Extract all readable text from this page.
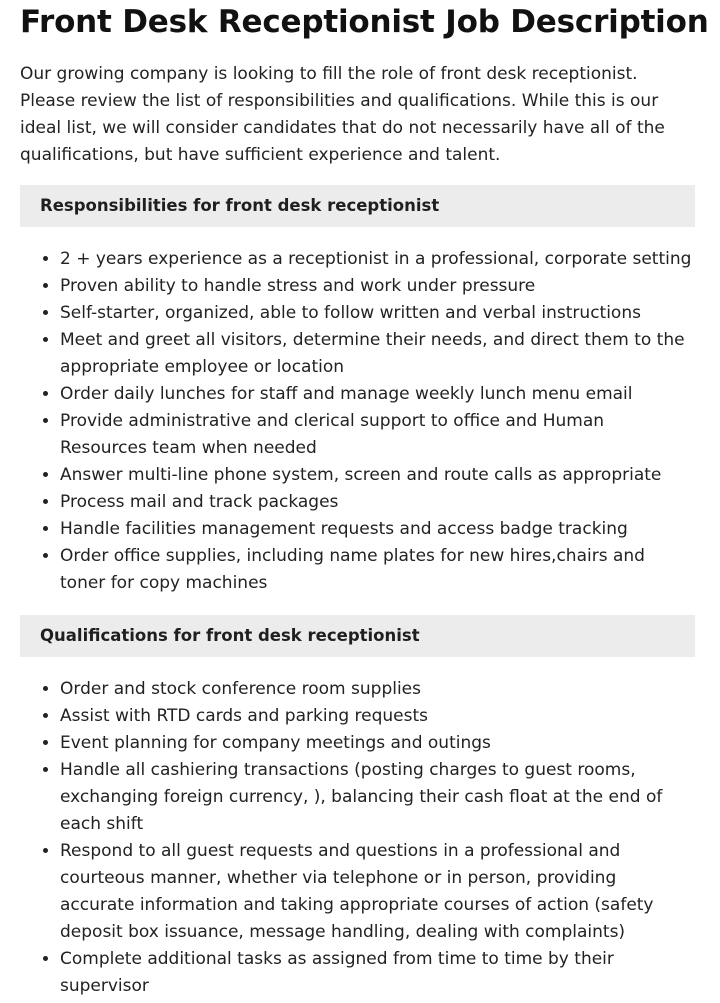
Front Desk Receptionist Job Description

Our growing company is looking to fill the role of front desk receptionist. Please review the list of responsibilities and qualifications. While this is our ideal list, we will consider candidates that do not necessarily have all of the qualifications, but have sufficient experience and talent.

Responsibilities for front desk receptionist
• 2 + years experience as a receptionist in a professional, corporate setting
• Proven ability to handle stress and work under pressure
• Self-starter, organized, able to follow written and verbal instructions
• Meet and greet all visitors, determine their needs, and direct them to the appropriate employee or location
• Order daily lunches for staff and manage weekly lunch menu email
• Provide administrative and clerical support to office and Human Resources team when needed
• Answer multi-line phone system, screen and route calls as appropriate
• Process mail and track packages
• Handle facilities management requests and access badge tracking
• Order office supplies, including name plates for new hires,chairs and toner for copy machines
Qualifications for front desk receptionist
• Order and stock conference room supplies
• Assist with RTD cards and parking requests
• Event planning for company meetings and outings
• Handle all cashiering transactions (posting charges to guest rooms, exchanging foreign currency, ), balancing their cash float at the end of each shift
• Respond to all guest requests and questions in a professional and courteous manner, whether via telephone or in person, providing accurate information and taking appropriate courses of action (safety deposit box issuance, message handling, dealing with complaints)
• Complete additional tasks as assigned from time to time by their supervisor
